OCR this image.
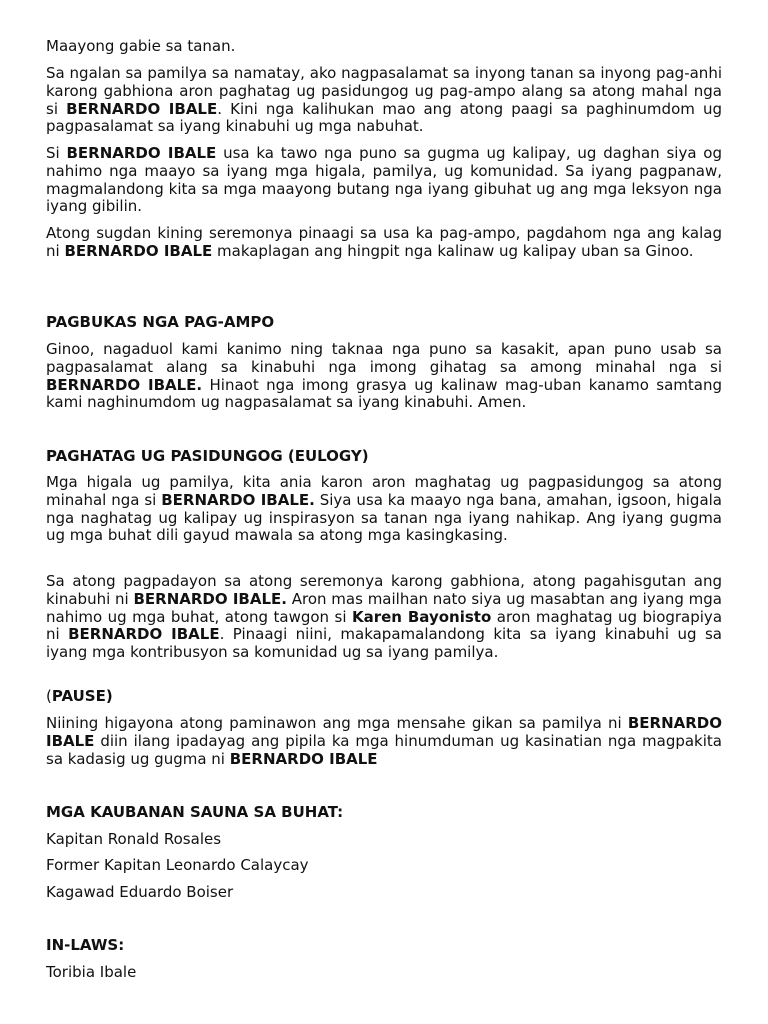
Maayong gabie sa tanan.

Sa ngalan sa pamilya sa namatay, ako nagpasalamat sa inyong tanan sa inyong pag-anhi karong gabhiona aron paghatag ug pasidungog ug pag-ampo alang sa atong mahal nga si BERNARDO IBALE. Kini nga kalihukan mao ang atong paagi sa paghinumdom ug pagpasalamat sa iyang kinabuhi ug mga nabuhat.

Si BERNARDO IBALE usa ka tawo nga puno sa gugma ug kalipay, ug daghan siya og nahimo nga maayo sa iyang mga higala, pamilya, ug komunidad. Sa iyang pagpanaw, magmalandong kita sa mga maayong butang nga iyang gibuhat ug ang mga leksyon nga iyang gibilin.

Atong sugdan kining seremonya pinaagi sa usa ka pag-ampo, pagdahom nga ang kalag ni BERNARDO IBALE makaplagan ang hingpit nga kalinaw ug kalipay uban sa Ginoo.

PAGBUKAS NGA PAG-AMPO

Ginoo, nagaduol kami kanimo ning taknaa nga puno sa kasakit, apan puno usab sa pagpasalamat alang sa kinabuhi nga imong gihatag sa among minahal nga si BERNARDO IBALE. Hinaot nga imong grasya ug kalinaw mag-uban kanamo samtang kami naghinumdom ug nagpasalamat sa iyang kinabuhi. Amen.

PAGHATAG UG PASIDUNGOG (EULOGY)

Mga higala ug pamilya, kita ania karon aron maghatag ug pagpasidungog sa atong minahal nga si BERNARDO IBALE. Siya usa ka maayo nga bana, amahan, igsoon, higala nga naghatag ug kalipay ug inspirasyon sa tanan nga iyang nahikap. Ang iyang gugma ug mga buhat dili gayud mawala sa atong mga kasingkasing.

Sa atong pagpadayon sa atong seremonya karong gabhiona, atong pagahisgutan ang kinabuhi ni BERNARDO IBALE. Aron mas mailhan nato siya ug masabtan ang iyang mga nahimo ug mga buhat, atong tawgon si Karen Bayonisto aron maghatag ug biograpiya ni BERNARDO IBALE. Pinaagi niini, makapamalandong kita sa iyang kinabuhi ug sa iyang mga kontribusyon sa komunidad ug sa iyang pamilya.

(PAUSE)

Niining higayona atong paminawon ang mga mensahe gikan sa pamilya ni BERNARDO IBALE diin ilang ipadayag ang pipila ka mga hinumduman ug kasinatian nga magpakita sa kadasig ug gugma ni BERNARDO IBALE

MGA KAUBANAN SAUNA SA BUHAT:

Kapitan Ronald Rosales

Former Kapitan Leonardo Calaycay

Kagawad Eduardo Boiser

IN-LAWS:

Toribia Ibale
